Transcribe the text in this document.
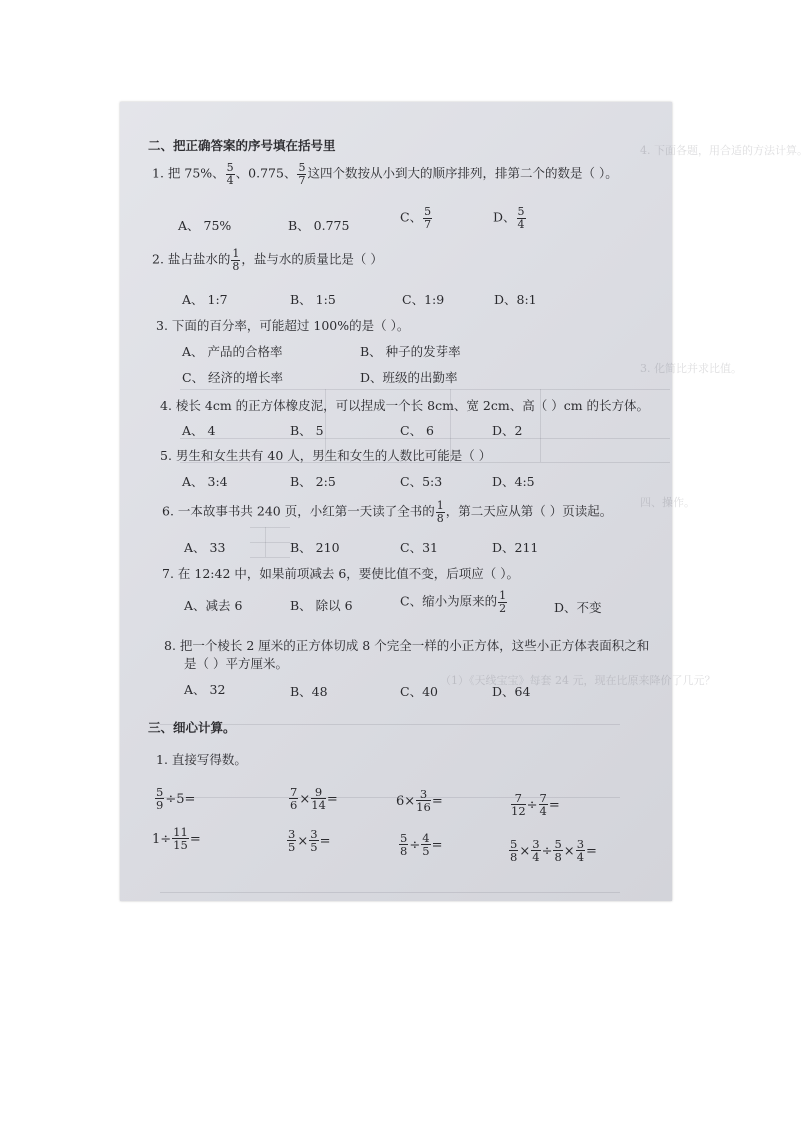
4. 下面各题，用合适的方法计算。
3. 化简比并求比值。
四、操作。
（1）《天线宝宝》每套 24 元，现在比原来降价了几元？
二、把正确答案的序号填在括号里
1. 把 75%、 $\frac{5}{4}$ 、0.775、 $\frac{5}{7}$ 这四个数按从小到大的顺序排列，排第二个的数是（ ）。
A、 75%	B、 0.775
C、 $\frac{5}{7}$	D、 $\frac{5}{4}$
2. 盐占盐水的 $\frac{1}{8}$ ，盐与水的质量比是（ ）
A、 1:7	B、 1:5	C、1:9	D、8:1
3. 下面的百分率，可能超过 100%的是（ ）。
A、 产品的合格率	B、 种子的发芽率
C、 经济的增长率	D、班级的出勤率
4. 棱长 4cm 的正方体橡皮泥，可以捏成一个长 8cm、宽 2cm、高（ ）cm 的长方体。
A、 4	B、 5	C、 6	D、2
5. 男生和女生共有 40 人，男生和女生的人数比可能是（ ）
A、 3:4	B、 2:5	C、5:3	D、4:5
6. 一本故事书共 240 页，小红第一天读了全书的 $\frac{1}{8}$ ，第二天应从第（ ）页读起。
A、 33	B、 210	C、31	D、211
7. 在 12:42 中，如果前项减去 6，要使比值不变，后项应（ ）。
A、减去 6	B、 除以 6	C、缩小为原来的 $\frac{1}{2}$	D、不变
8. 把一个棱长 2 厘米的正方体切成 8 个完全一样的小正方体，这些小正方体表面积之和
是（ ）平方厘米。
A、 32	B、48	C、40	D、64
三、细心计算。
1. 直接写得数。
$\frac{5}{9} \div 5=$	$\frac{7}{6} \times \frac{9}{14}$ =	$6\times \frac{3}{16}$ =	$\frac{7}{12} \div \frac{7}{4}$ =
$1\div \frac{11}{15}$ =	$\frac{3}{5} \times \frac{3}{5}$ =	$\frac{5}{8} \div \frac{4}{5}$ =	$\frac{5}{8} \times \frac{3}{4} \div \frac{5}{8} \times \frac{3}{4}$ =
